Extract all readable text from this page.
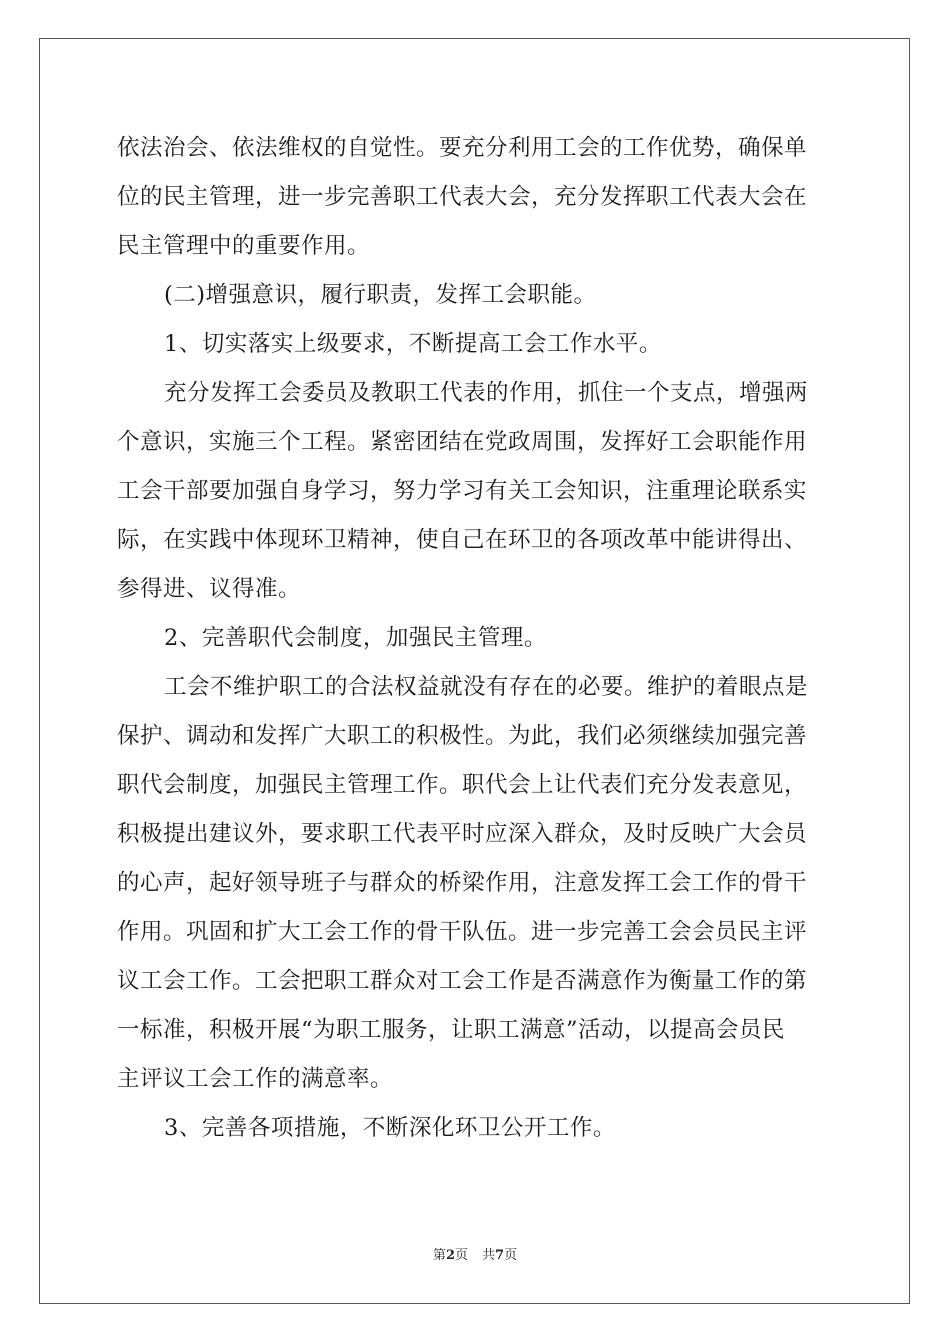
依法治会、依法维权的自觉性。要充分利用工会的工作优势，确保单
位的民主管理，进一步完善职工代表大会，充分发挥职工代表大会在
民主管理中的重要作用。
(二)增强意识，履行职责，发挥工会职能。
1、切实落实上级要求，不断提高工会工作水平。
充分发挥工会委员及教职工代表的作用，抓住一个支点，增强两
个意识，实施三个工程。紧密团结在党政周围，发挥好工会职能作用
工会干部要加强自身学习，努力学习有关工会知识，注重理论联系实
际，在实践中体现环卫精神，使自己在环卫的各项改革中能讲得出、
参得进、议得准。
2、完善职代会制度，加强民主管理。
工会不维护职工的合法权益就没有存在的必要。维护的着眼点是
保护、调动和发挥广大职工的积极性。为此，我们必须继续加强完善
职代会制度，加强民主管理工作。职代会上让代表们充分发表意见，
积极提出建议外，要求职工代表平时应深入群众，及时反映广大会员
的心声，起好领导班子与群众的桥梁作用，注意发挥工会工作的骨干
作用。巩固和扩大工会工作的骨干队伍。进一步完善工会会员民主评
议工会工作。工会把职工群众对工会工作是否满意作为衡量工作的第
一标准，积极开展“为职工服务，让职工满意”活动，以提高会员民
主评议工会工作的满意率。
3、完善各项措施，不断深化环卫公开工作。
第2页 共7页
